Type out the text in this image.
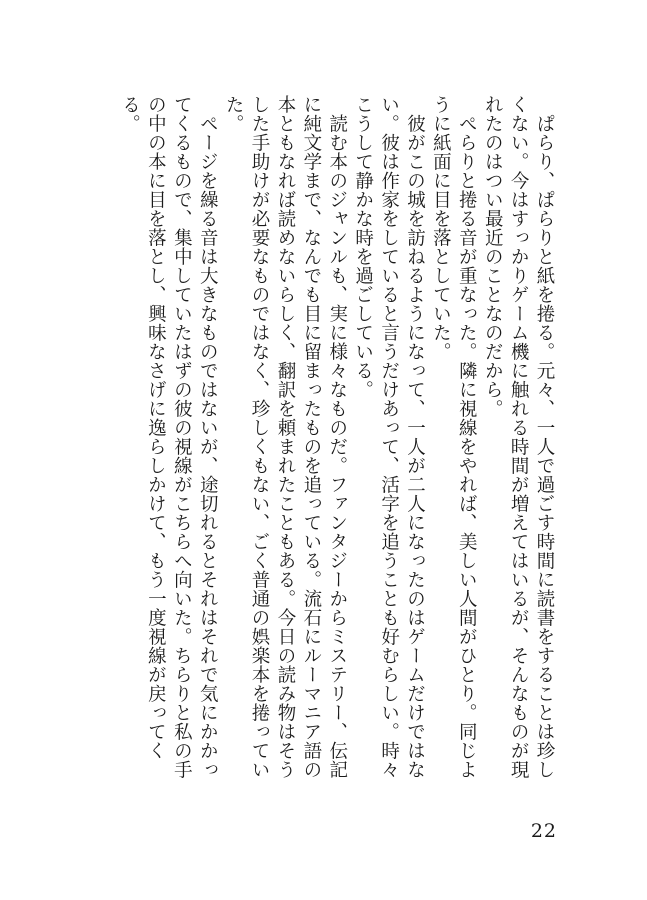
ぱらり、ぱらりと紙を捲る。元々、一人で過ごす時間に読書をすることは珍しくない。今はすっかりゲーム機に触れる時間が増えてはいるが、そんなものが現れたのはつい最近のことなのだから。

ぺらりと捲る音が重なった。隣に視線をやれば、美しい人間がひとり。同じように紙面に目を落としていた。

彼がこの城を訪ねるようになって、一人が二人になったのはゲームだけではない。彼は作家をしていると言うだけあって、活字を追うことも好むらしい。時々こうして静かな時を過ごしている。

読む本のジャンルも、実に様々なものだ。ファンタジーからミステリー、伝記に純文学まで、なんでも目に留まったものを追っている。流石にルーマニア語の本ともなれば読めないらしく、翻訳を頼まれたこともある。今日の読み物はそうした手助けが必要なものではなく、珍しくもない、ごく普通の娯楽本を捲っていた。

ページを繰る音は大きなものではないが、途切れるとそれはそれで気にかかってくるもので、集中していたはずの彼の視線がこちらへ向いた。ちらりと私の手の中の本に目を落とし、興味なさげに逸らしかけて、もう一度視線が戻ってくる。

22
